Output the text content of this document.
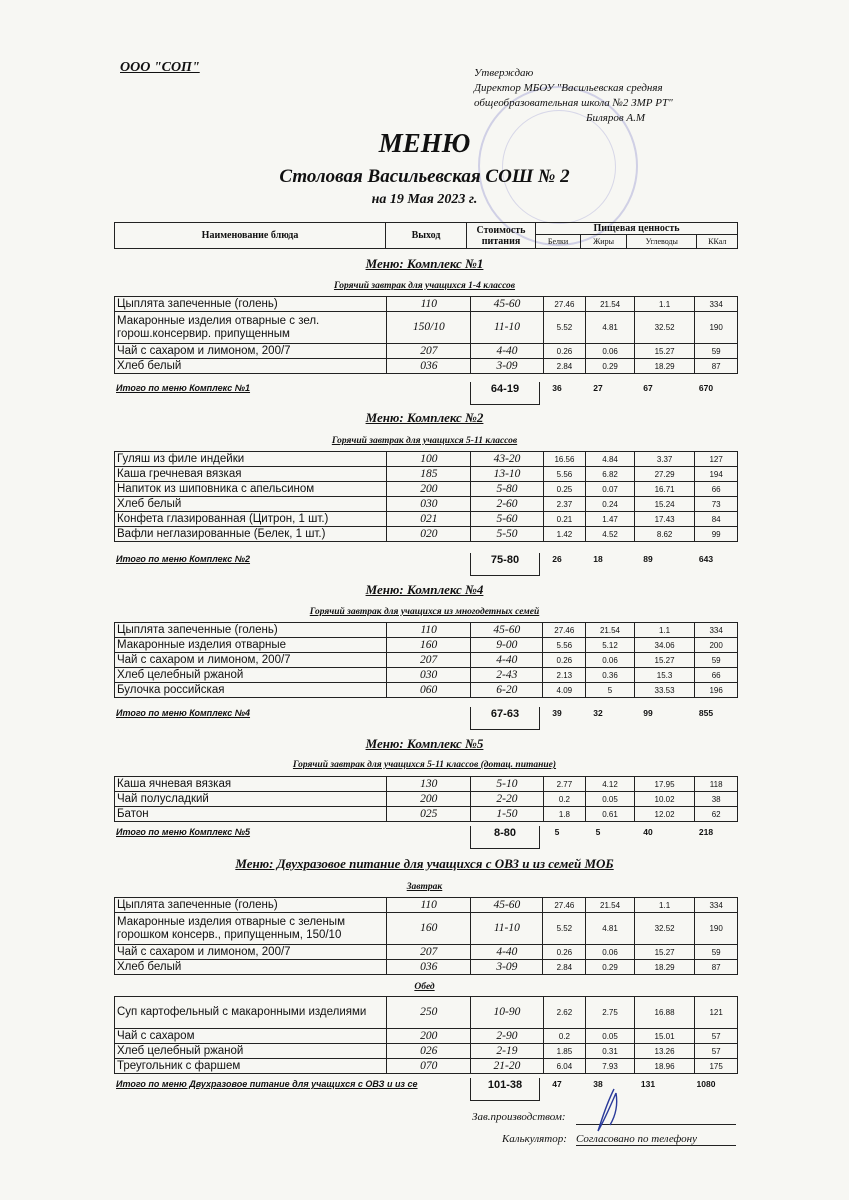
ООО "СОП"	Утверждаю
Директор МБОУ "Васильевская средняя
общеобразовательная школа №2 ЗМР РТ"
Биляров А.М
МЕНЮ
Столовая Васильевская СОШ № 2
на 19 Мая 2023 г.
Наименование блюда	Выход	Стоимость питания	Пищевая ценность			
			Белки	Жиры	Углеводы	ККал
Меню: Комплекс №1
Горячий завтрак для учащихся 1-4 классов
Цыплята запеченные (голень)	110	45-60	27.46	21.54	1.1	334
Макаронные изделия отварные с зел. горош.консервир. припущенным	150/10	11-10	5.52	4.81	32.52	190
Чай с сахаром и лимоном, 200/7	207	4-40	0.26	0.06	15.27	59
Хлеб белый	036	3-09	2.84	0.29	18.29	87
Итого по меню Комплекс №1	64-19	36	27	67	670
Меню: Комплекс №2
Горячий завтрак для учащихся 5-11 классов
Гуляш из филе индейки	100	43-20	16.56	4.84	3.37	127
Каша гречневая вязкая	185	13-10	5.56	6.82	27.29	194
Напиток из шиповника с апельсином	200	5-80	0.25	0.07	16.71	66
Хлеб белый	030	2-60	2.37	0.24	15.24	73
Конфета глазированная (Цитрон, 1 шт.)	021	5-60	0.21	1.47	17.43	84
Вафли неглазированные (Белек, 1 шт.)	020	5-50	1.42	4.52	8.62	99
Итого по меню Комплекс №2	75-80	26	18	89	643
Меню: Комплекс №4
Горячий завтрак для учащихся из многодетных семей
Цыплята запеченные (голень)	110	45-60	27.46	21.54	1.1	334
Макаронные изделия отварные	160	9-00	5.56	5.12	34.06	200
Чай с сахаром и лимоном, 200/7	207	4-40	0.26	0.06	15.27	59
Хлеб целебный ржаной	030	2-43	2.13	0.36	15.3	66
Булочка российская	060	6-20	4.09	5	33.53	196
Итого по меню Комплекс №4	67-63	39	32	99	855
Меню: Комплекс №5
Горячий завтрак для учащихся 5-11 классов (дотац. питание)
Каша ячневая вязкая	130	5-10	2.77	4.12	17.95	118
Чай полусладкий	200	2-20	0.2	0.05	10.02	38
Батон	025	1-50	1.8	0.61	12.02	62
Итого по меню Комплекс №5	8-80	5	5	40	218
Меню: Двухразовое питание для учащихся с ОВЗ и из семей МОБ
Завтрак
Цыплята запеченные (голень)	110	45-60	27.46	21.54	1.1	334
Макаронные изделия отварные с зеленым горошком консерв., припущенным, 150/10	160	11-10	5.52	4.81	32.52	190
Чай с сахаром и лимоном, 200/7	207	4-40	0.26	0.06	15.27	59
Хлеб белый	036	3-09	2.84	0.29	18.29	87
Обед
Суп картофельный с макаронными изделиями	250	10-90	2.62	2.75	16.88	121
Чай с сахаром	200	2-90	0.2	0.05	15.01	57
Хлеб целебный ржаной	026	2-19	1.85	0.31	13.26	57
Треугольник с фаршем	070	21-20	6.04	7.93	18.96	175
Итого по меню Двухразовое питание для учащихся с ОВЗ и из се	101-38	47	38	131	1080
Зав.производством:
Калькулятор: Согласовано по телефону
